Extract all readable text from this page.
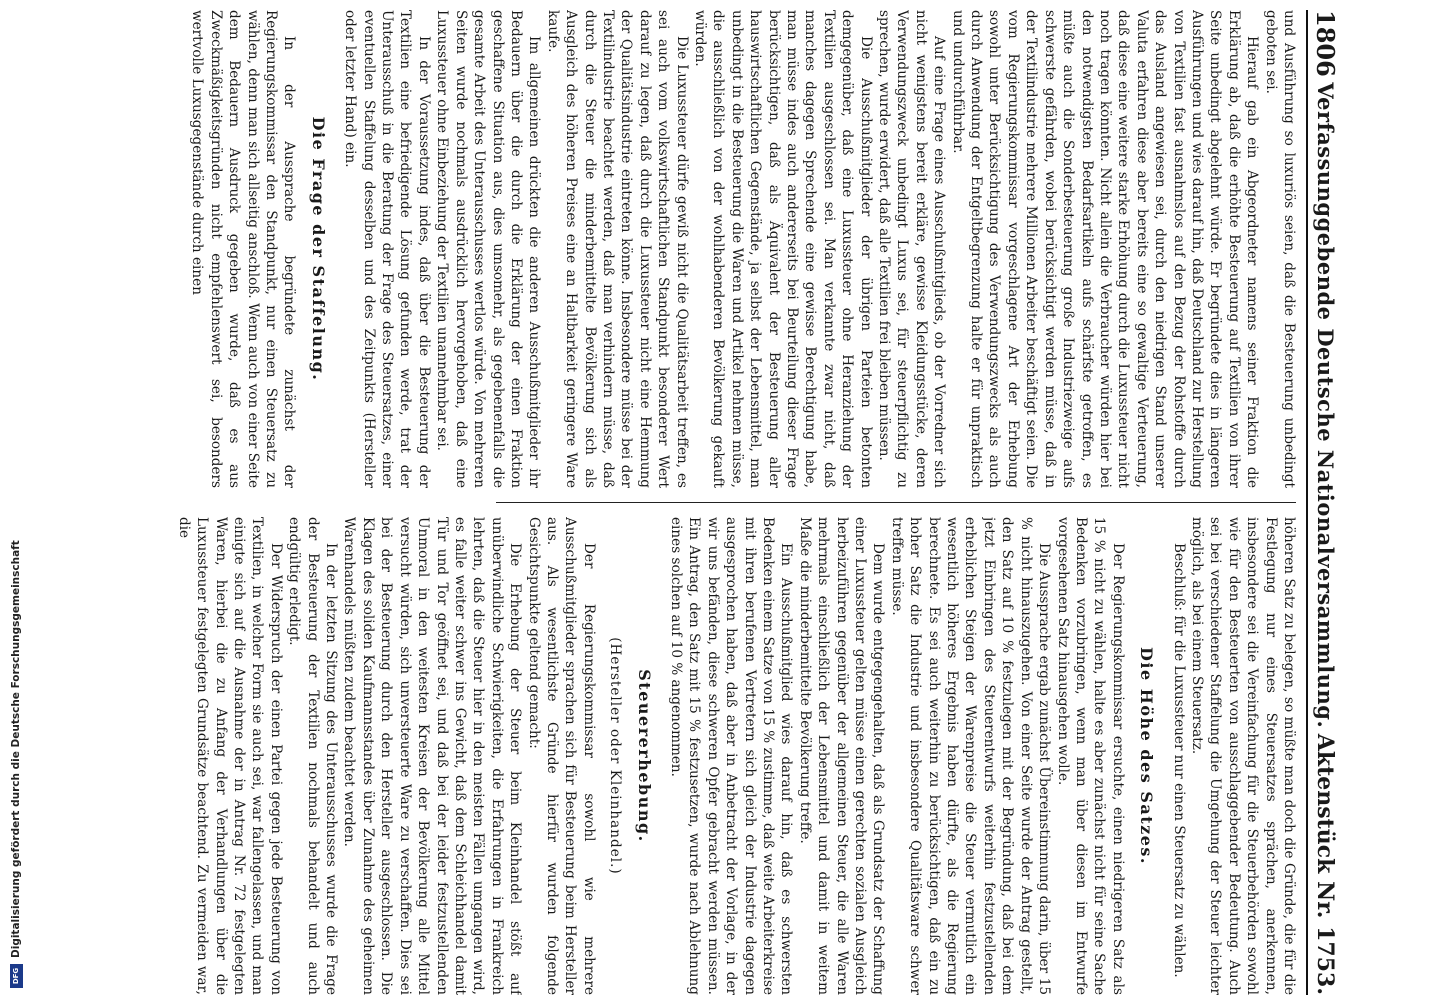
DFG
Digitalisierung gefördert durch die Deutsche Forschungsgemeinschaft
1806
Verfassunggebende Deutsche Nationalversammlung.
Aktenstück Nr. 1753.

und Ausführung so luxuriös seien, daß die Besteuerung unbedingt geboten sei.

Hierauf gab ein Abgeordneter namens seiner Fraktion die Erklärung ab, daß die erhöhte Besteuerung auf Textilien von ihrer Seite unbedingt abgelehnt würde. Er begründete dies in längeren Ausführungen und wies darauf hin, daß Deutschland zur Herstellung von Textilien fast ausnahmslos auf den Bezug der Rohstoffe durch das Ausland angewiesen sei, durch den niedrigen Stand unserer Valuta erfahren diese aber bereits eine so gewaltige Verteuerung, daß diese eine weitere starke Erhöhung durch die Luxussteuer nicht noch tragen könnten. Nicht allein die Verbraucher würden hier bei den notwendigsten Bedarfsartikeln aufs schärfste getroffen, es müßte auch die Sonderbesteuerung große Industriezweige aufs schwerste gefährden, wobei berücksichtigt werden müsse, daß in der Textilindustrie mehrere Millionen Arbeiter beschäftigt seien. Die vom Regierungskommissar vorgeschlagene Art der Erhebung sowohl unter Berücksichtigung des Verwendungszwecks als auch durch Anwendung der Entgeltbegrenzung halte er für unpraktisch und undurchführbar.

Auf eine Frage eines Ausschußmitglieds, ob der Vorredner sich nicht wenigstens bereit erkläre, gewisse Kleidungsstücke, deren Verwendungszweck unbedingt Luxus sei, für steuerpflichtig zu sprechen, wurde erwidert, daß alle Textilien frei bleiben müssen.

Die Ausschußmitglieder der übrigen Parteien betonten demgegenüber, daß eine Luxussteuer ohne Heranziehung der Textilien ausgeschlossen sei. Man verkannte zwar nicht, daß manches dagegen Sprechende eine gewisse Berechtigung habe, man müsse indes auch andererseits bei Beurteilung dieser Frage berücksichtigen, daß als Äquivalent der Besteuerung aller hauswirtschaftlichen Gegenstände, ja selbst der Lebensmittel, man unbedingt in die Besteuerung die Waren und Artikel nehmen müsse, die ausschließlich von der wohlhabenderen Bevölkerung gekauft würden.

Die Luxussteuer dürfe gewiß nicht die Qualitätsarbeit treffen, es sei auch vom volkswirtschaftlichen Standpunkt besonderer Wert darauf zu legen, daß durch die Luxussteuer nicht eine Hemmung der Qualitätsindustrie eintreten könne. Insbesondere müsse bei der Textilindustrie beachtet werden, daß man verhindern müsse, daß durch die Steuer die minderbemittelte Bevölkerung sich als Ausgleich des höheren Preises eine an Haltbarkeit geringere Ware kaufe.

Im allgemeinen drückten die anderen Ausschußmitglieder ihr Bedauern über die durch die Erklärung der einen Fraktion geschaffene Situation aus, dies umsomehr, als gegebenenfalls die gesamte Arbeit des Unterausschusses wertlos würde. Von mehreren Seiten wurde nochmals ausdrücklich hervorgehoben, daß eine Luxussteuer ohne Einbeziehung der Textilien unannehmbar sei.

In der Voraussetzung indes, daß über die Besteuerung der Textilien eine befriedigende Lösung gefunden werde, trat der Unterausschuß in die Beratung der Frage des Steuersatzes, einer eventuellen Staffelung desselben und des Zeitpunkts (Hersteller oder letzter Hand) ein.

Die Frage der Staffelung.

In der Aussprache begründete zunächst der Regierungskommissar den Standpunkt, nur einen Steuersatz zu wählen, denn man sich allseitig anschloß. Wenn auch von einer Seite dem Bedauern Ausdruck gegeben wurde, daß es aus Zweckmäßigkeitsgründen nicht empfehlenswert sei, besonders wertvolle Luxusgegenstände durch einen

höheren Satz zu belegen, so müßte man doch die Gründe, die für die Festlegung nur eines Steuersatzes sprächen, anerkennen, insbesondere sei die Vereinfachung für die Steuerbehörden sowohl wie für den Besteuerten von ausschlaggebender Bedeutung. Auch sei bei verschiedener Staffelung die Umgehung der Steuer leichter möglich, als bei einem Steuersatz.

Beschluß: für die Luxussteuer nur einen Steuersatz zu wählen.

Die Höhe des Satzes.

Der Regierungskommissar ersuchte, einen niedrigeren Satz als 15 % nicht zu wählen, halte es aber zunächst nicht für seine Sache Bedenken vorzubringen, wenn man über diesen im Entwurfe vorgesehenen Satz hinausgehen wolle.

Die Aussprache ergab zunächst Übereinstimmung darin, über 15 % nicht hinauszugehen. Von einer Seite wurde der Antrag gestellt, den Satz auf 10 % festzulegen mit der Begründung, daß bei dem jetzt Einbringen des Steuerentwurfs weiterhin festzustellenden erheblichen Steigen der Warenpreise die Steuer vermutlich ein wesentlich höheres Ergebnis haben dürfte, als die Regierung berechnete. Es sei auch weiterhin zu berücksichtigen, daß ein zu hoher Satz die Industrie und insbesondere Qualitätsware schwer treffen müsse.

Dem wurde entgegengehalten, daß als Grundsatz der Schaffung einer Luxussteuer gelten müsse einen gerechten sozialen Ausgleich herbeizuführen gegenüber der allgemeinen Steuer, die alle Waren mehrmals einschließlich der Lebensmittel und damit in weitem Maße die minderbemittelte Bevölkerung treffe.

Ein Ausschußmitglied wies darauf hin, daß es schwersten Bedenken einem Satze von 15 % zustimme, daß weite Arbeiterkreise mit ihren berufenen Vertretern sich gleich der Industrie dagegen ausgesprochen haben, daß aber in Anbetracht der Vorlage, in der wir uns befänden, diese schweren Opfer gebracht werden müssen. Ein Antrag, den Satz mit 15 % festzusetzen, wurde nach Ablehnung eines solchen auf 10 % angenommen.

Steuererhebung.
(Hersteller oder Kleinhandel.)

Der Regierungskommissar sowohl wie mehrere Ausschußmitglieder sprachen sich für Besteuerung beim Hersteller aus. Als wesentlichste Gründe hierfür wurden folgende Gesichtspunkte geltend gemacht:

Die Erhebung der Steuer beim Kleinhandel stößt auf unüberwindliche Schwierigkeiten, die Erfahrungen in Frankreich lehrten, daß die Steuer hier in den meisten Fällen umgangen wird, es falle weiter schwer ins Gewicht, daß dem Schleichhandel damit Tür und Tor geöffnet sei, und daß bei der leider festzustellenden Unmoral in den weitesten Kreisen der Bevölkerung alle Mittel versucht würden, sich unversteuerte Ware zu verschaffen. Dies sei bei der Besteuerung durch den Hersteller ausgeschlossen. Die Klagen des soliden Kaufmannsstandes über Zunahme des geheimen Warenhandels müßten zudem beachtet werden.

In der letzten Sitzung des Unterausschusses wurde die Frage der Besteuerung der Textilien nochmals behandelt und auch endgültig erledigt.

Der Widerspruch der einen Partei gegen jede Besteuerung von Textilien, in welcher Form sie auch sei, war fallengelassen, und man einigte sich auf die Ausnahme der in Antrag Nr. 72 festgelegten Waren, hierbei die zu Anfang der Verhandlungen über die Luxussteuer festgelegten Grundsätze beachtend. Zu vermeiden war, die
